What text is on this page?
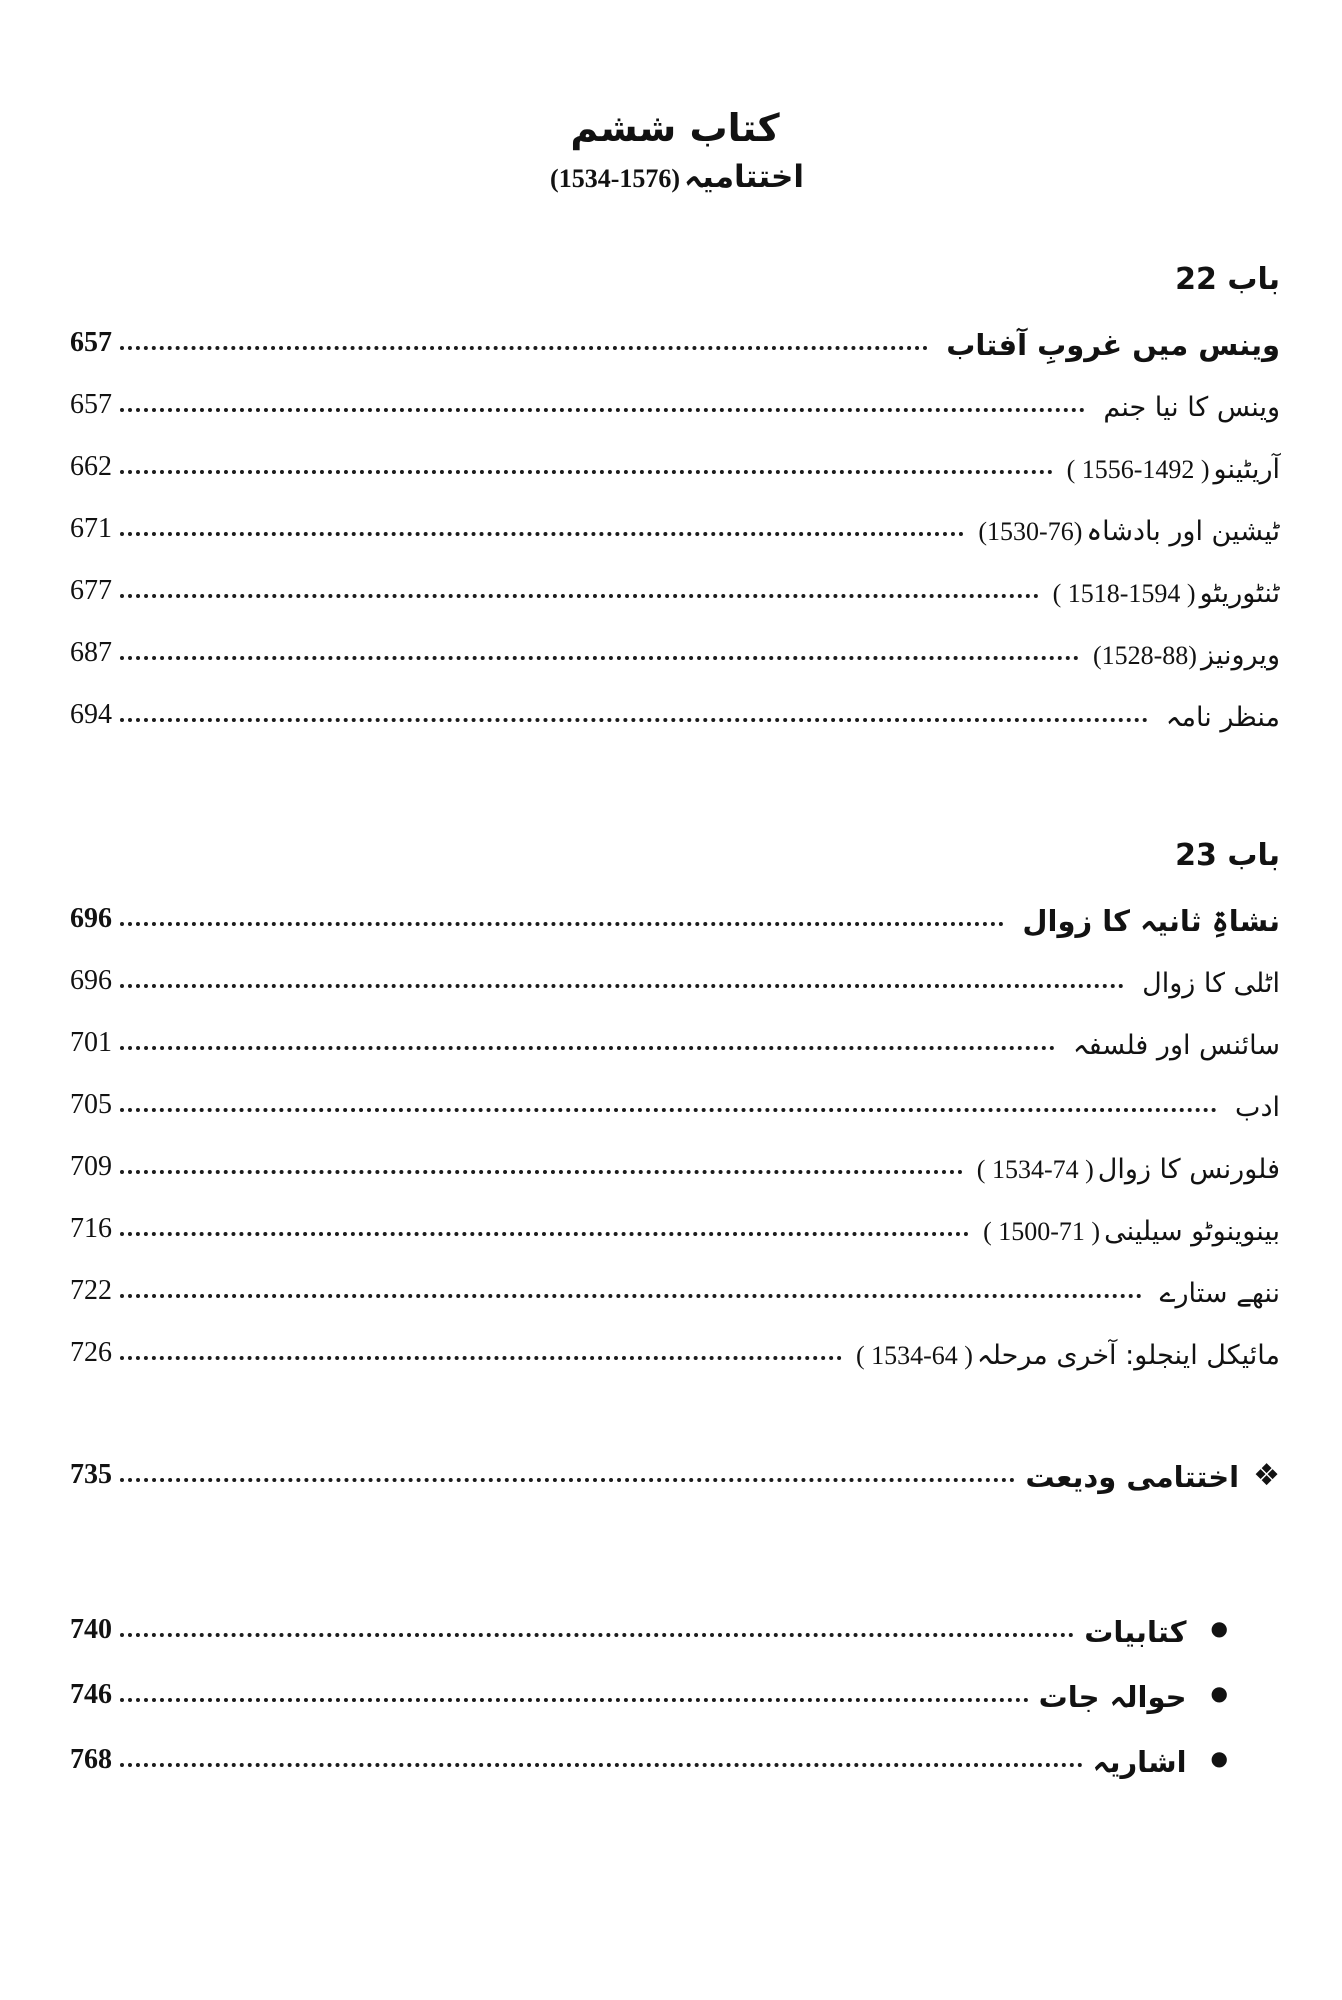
کتاب ششم
اختتامیہ(1534-1576)
باب 22
وینس میں غروبِ آفتاب
657
وینس کا نیا جنم
657
آریٹینو( 1556-1492 )
662
ٹیشین اور بادشاہ(1530-76)
671
ٹنٹوریٹو( 1518-1594 )
677
ویرونیز(1528-88)
687
منظر نامہ
694
باب 23
نشاۃِ ثانیہ کا زوال
696
اٹلی کا زوال
696
سائنس اور فلسفہ
701
ادب
705
فلورنس کا زوال( 1534-74 )
709
بینوینوٹو سیلینی( 1500-71 )
716
ننھے ستارے
722
مائیکل اینجلو: آخری مرحلہ( 1534-64 )
726
❖
اختتامی ودیعت
735
●
کتابیات
740
●
حوالہ جات
746
●
اشاریہ
768
